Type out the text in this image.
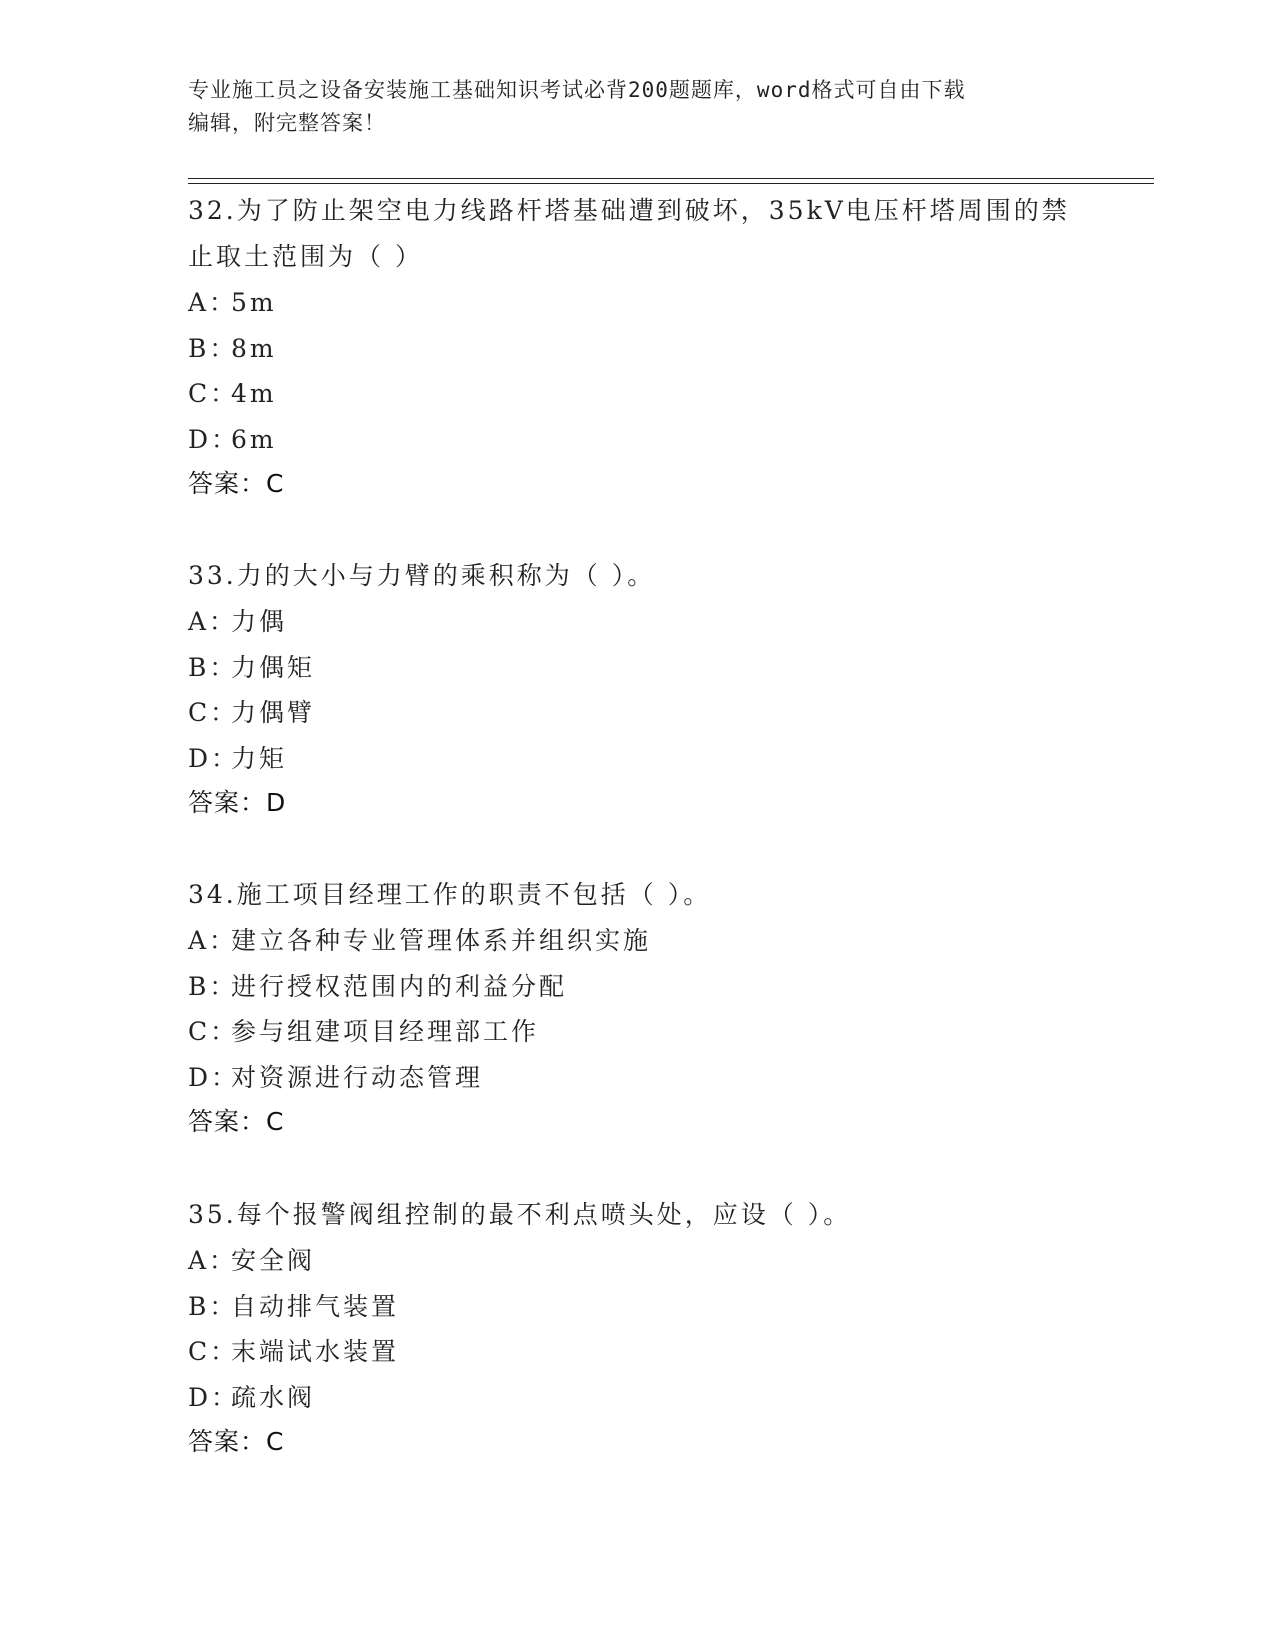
专业施工员之设备安装施工基础知识考试必背200题题库，word格式可自由下载
编辑，附完整答案！
32.为了防止架空电力线路杆塔基础遭到破坏，35kV电压杆塔周围的禁
止取土范围为（ ）
A：5m
B：8m
C：4m
D：6m
答案：C
33.力的大小与力臂的乘积称为（ ）。
A：力偶
B：力偶矩
C：力偶臂
D：力矩
答案：D
34.施工项目经理工作的职责不包括（ ）。
A：建立各种专业管理体系并组织实施
B：进行授权范围内的利益分配
C：参与组建项目经理部工作
D：对资源进行动态管理
答案：C
35.每个报警阀组控制的最不利点喷头处，应设（ ）。
A：安全阀
B：自动排气装置
C：末端试水装置
D：疏水阀
答案：C
